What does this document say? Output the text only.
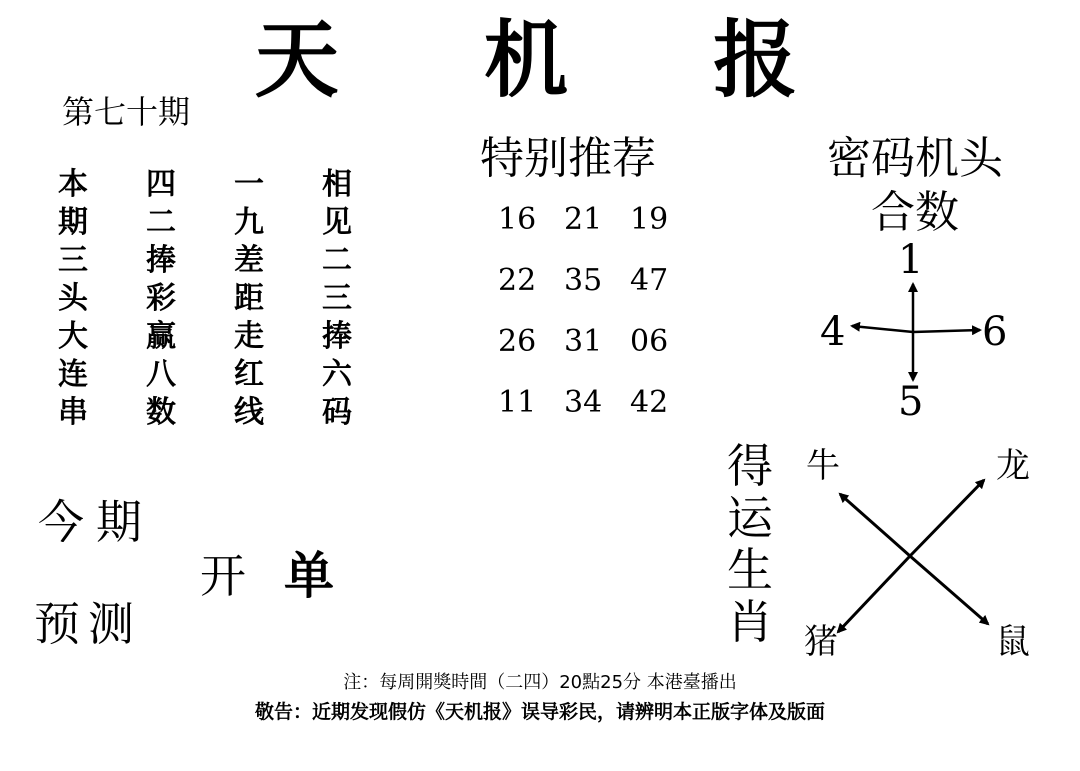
天 机 报
第七十期
本	四	一	相
期	二	九	见
三	捧	差	二
头	彩	距	三
大	赢	走	捧
连	八	红	六
串	数	线	码
特别推荐
16 21 19
22 35 47
26 31 06
11 34 42
密码机头
合数
1
4	6
5
今期
开 单
预测
得
运
生
肖
牛	龙
猪	鼠
注：每周開獎時間（二四）20點25分 本港臺播出
敬告：近期发现假仿《天机报》误导彩民，请辨明本正版字体及版面
